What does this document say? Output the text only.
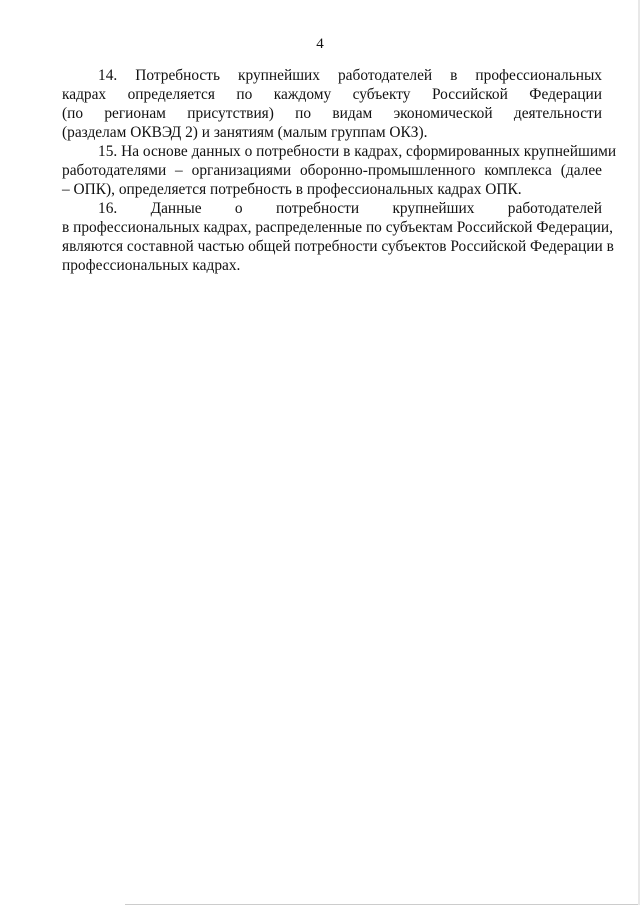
4
14. Потребность крупнейших работодателей в профессиональных
кадрах определяется по каждому субъекту Российской Федерации
(по регионам присутствия) по видам экономической деятельности
(разделам ОКВЭД 2) и занятиям (малым группам ОКЗ).
15. На основе данных о потребности в кадрах, сформированных крупнейшими
работодателями – организациями оборонно-промышленного комплекса (далее
– ОПК), определяется потребность в профессиональных кадрах ОПК.
16. Данные о потребности крупнейших работодателей
в профессиональных кадрах, распределенные по субъектам Российской Федерации,
являются составной частью общей потребности субъектов Российской Федерации в
профессиональных кадрах.
